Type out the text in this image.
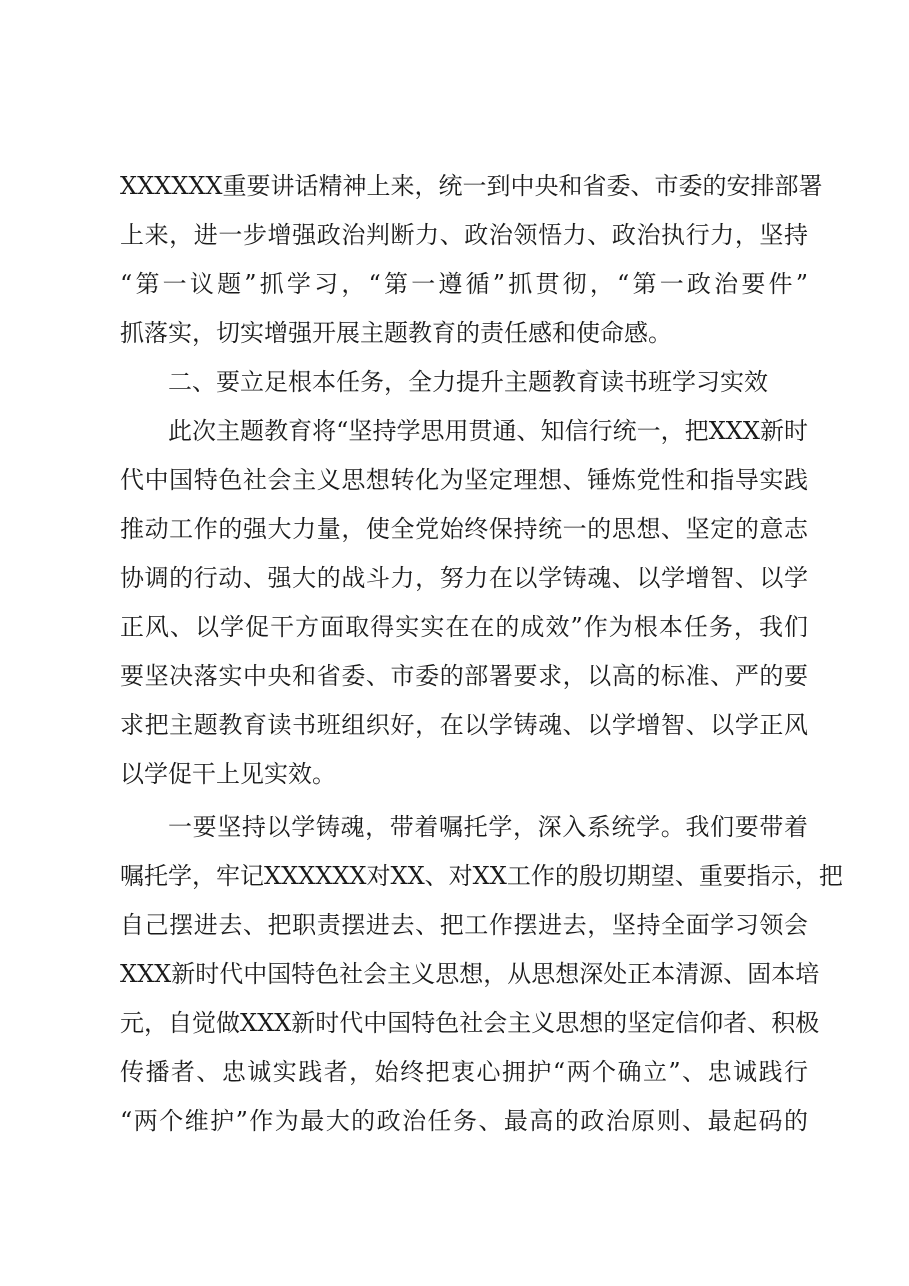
XXXXXX重要讲话精神上来，统一到中央和省委、市委的安排部署
上来，进一步增强政治判断力、政治领悟力、政治执行力，坚持
“第一议题”抓学习，“第一遵循”抓贯彻，“第一政治要件”
抓落实，切实增强开展主题教育的责任感和使命感。
二、要立足根本任务，全力提升主题教育读书班学习实效
此次主题教育将“坚持学思用贯通、知信行统一，把XXX新时
代中国特色社会主义思想转化为坚定理想、锤炼党性和指导实践
推动工作的强大力量，使全党始终保持统一的思想、坚定的意志
协调的行动、强大的战斗力，努力在以学铸魂、以学增智、以学
正风、以学促干方面取得实实在在的成效”作为根本任务，我们
要坚决落实中央和省委、市委的部署要求，以高的标准、严的要
求把主题教育读书班组织好，在以学铸魂、以学增智、以学正风
以学促干上见实效。
一要坚持以学铸魂，带着嘱托学，深入系统学。我们要带着
嘱托学，牢记XXXXXX对XX、对XX工作的殷切期望、重要指示，把
自己摆进去、把职责摆进去、把工作摆进去，坚持全面学习领会
XXX新时代中国特色社会主义思想，从思想深处正本清源、固本培
元，自觉做XXX新时代中国特色社会主义思想的坚定信仰者、积极
传播者、忠诚实践者，始终把衷心拥护“两个确立”、忠诚践行
“两个维护”作为最大的政治任务、最高的政治原则、最起码的
